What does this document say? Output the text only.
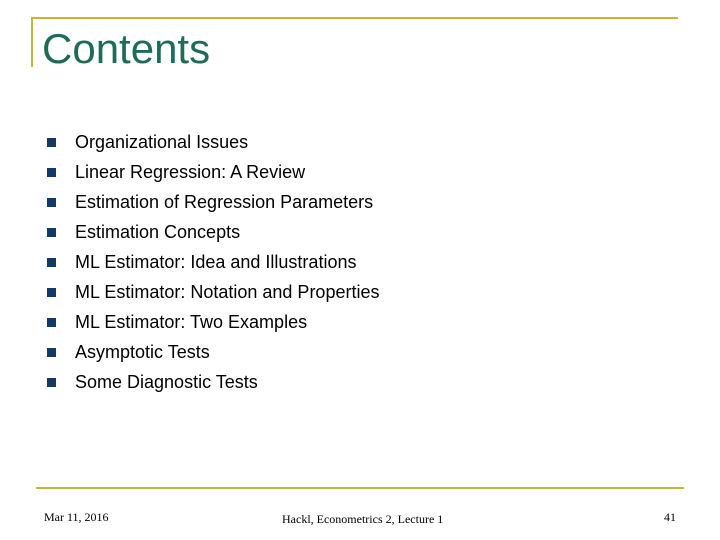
Contents
Organizational Issues
Linear Regression: A Review
Estimation of Regression Parameters
Estimation Concepts
ML Estimator: Idea and Illustrations
ML Estimator: Notation and Properties
ML Estimator: Two Examples
Asymptotic Tests
Some Diagnostic Tests
Mar 11, 2016	Hackl, Econometrics 2, Lecture 1	41
